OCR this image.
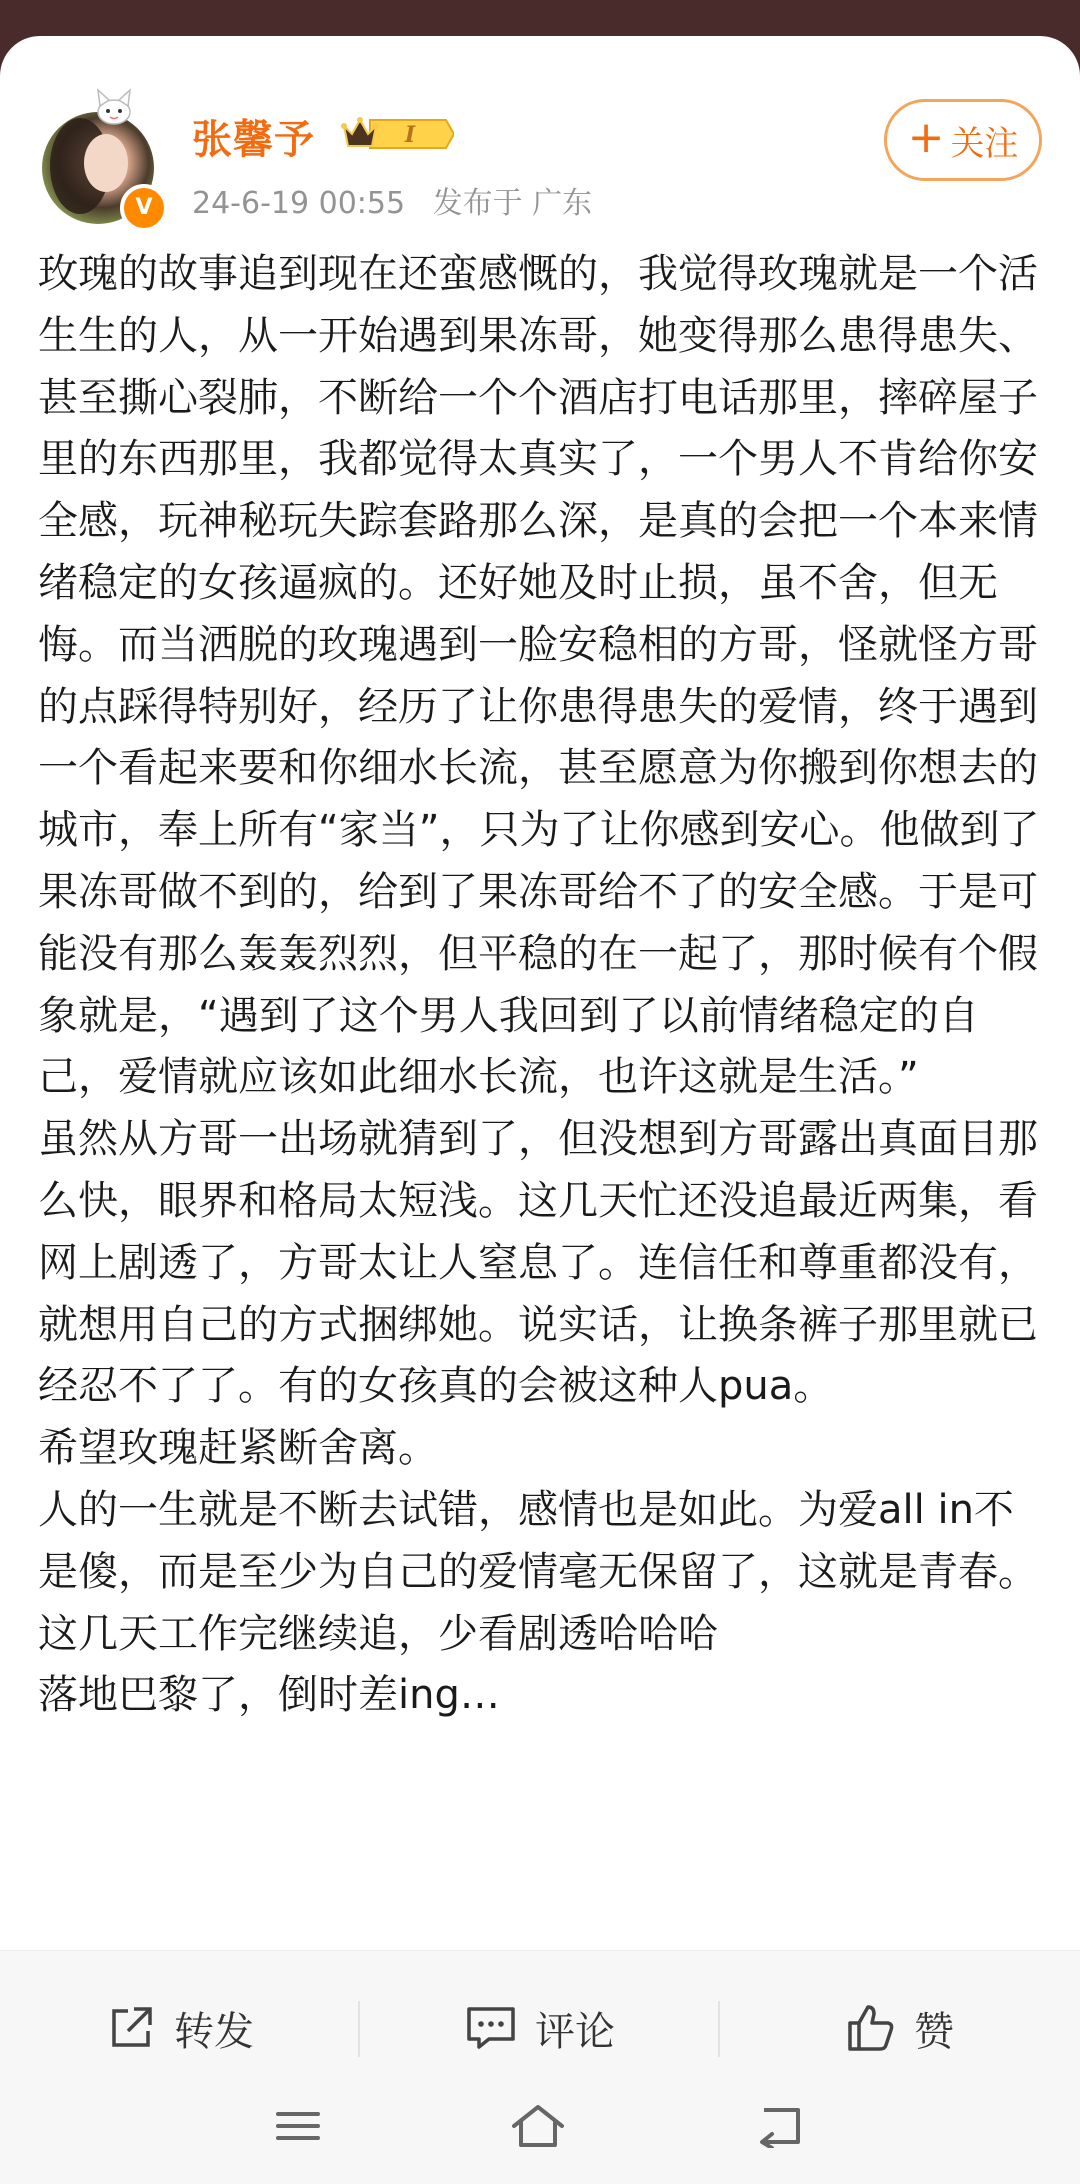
V
张馨予	I
24-6-19 00:55 发布于 广东
+ 关注

玫瑰的故事追到现在还蛮感慨的，我觉得玫瑰就是一个活生生的人，从一开始遇到果冻哥，她变得那么患得患失、甚至撕心裂肺，不断给一个个酒店打电话那里，摔碎屋子里的东西那里，我都觉得太真实了，一个男人不肯给你安全感，玩神秘玩失踪套路那么深，是真的会把一个本来情绪稳定的女孩逼疯的。还好她及时止损，虽不舍，但无悔。而当洒脱的玫瑰遇到一脸安稳相的方哥，怪就怪方哥的点踩得特别好，经历了让你患得患失的爱情，终于遇到一个看起来要和你细水长流，甚至愿意为你搬到你想去的城市，奉上所有“家当”，只为了让你感到安心。他做到了果冻哥做不到的，给到了果冻哥给不了的安全感。于是可能没有那么轰轰烈烈，但平稳的在一起了，那时候有个假象就是，“遇到了这个男人我回到了以前情绪稳定的自己，爱情就应该如此细水长流，也许这就是生活。”

虽然从方哥一出场就猜到了，但没想到方哥露出真面目那么快，眼界和格局太短浅。这几天忙还没追最近两集，看网上剧透了，方哥太让人窒息了。连信任和尊重都没有，就想用自己的方式捆绑她。说实话，让换条裤子那里就已经忍不了了。有的女孩真的会被这种人pua。

希望玫瑰赶紧断舍离。

人的一生就是不断去试错，感情也是如此。为爱all in不是傻，而是至少为自己的爱情毫无保留了，这就是青春。

这几天工作完继续追，少看剧透哈哈哈

落地巴黎了，倒时差ing…

转发	评论	赞
